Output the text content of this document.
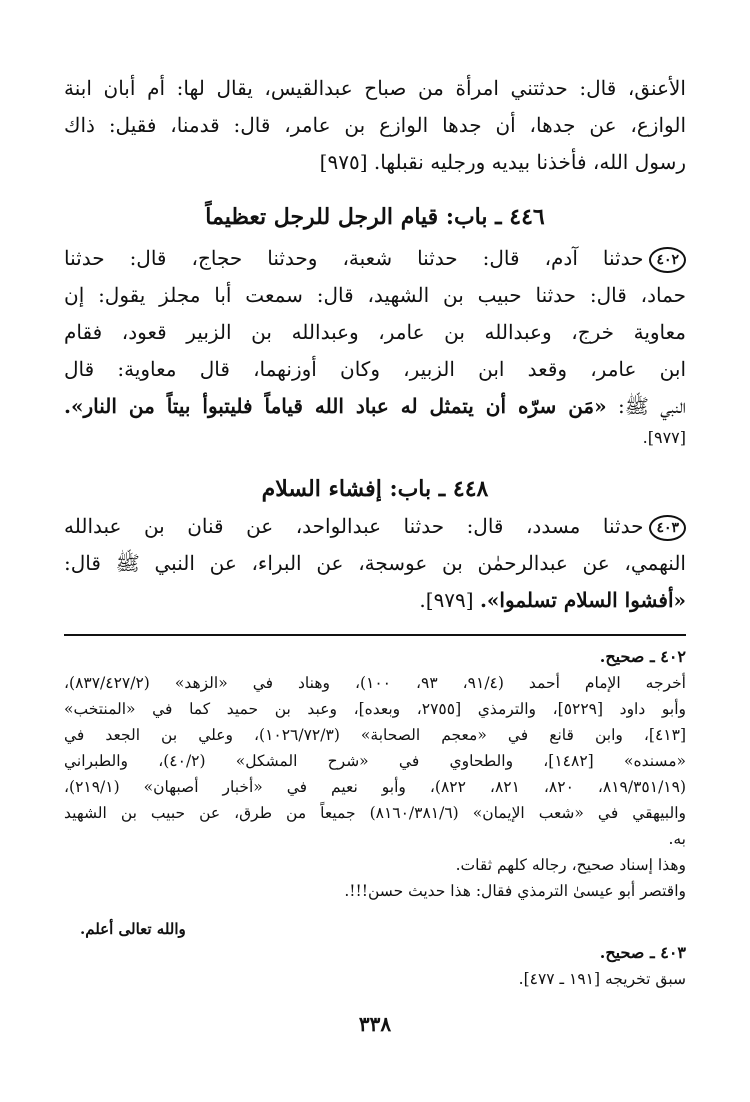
الأعنق، قال: حدثتني امرأة من صباح عبدالقيس، يقال لها: أم أبان ابنة
الوازع، عن جدها، أن جدها الوازع بن عامر، قال: قدمنا، فقيل: ذاك
رسول الله، فأخذنا بيديه ورجليه نقبلها. [٩٧٥]
٤٤٦ ـ باب: قيام الرجل للرجل تعظيماً
٤٠٢حدثنا آدم، قال: حدثنا شعبة، وحدثنا حجاج، قال: حدثنا
حماد، قال: حدثنا حبيب بن الشهيد، قال: سمعت أبا مجلز يقول: إن
معاوية خرج، وعبدالله بن عامر، وعبدالله بن الزبير قعود، فقام
ابن عامر، وقعد ابن الزبير، وكان أوزنهما، قال معاوية: قال
النبي ﷺ: «مَن سرّه أن يتمثل له عباد الله قياماً فليتبوأ بيتاً من النار».
[٩٧٧].
٤٤٨ ـ باب: إفشاء السلام
٤٠٣حدثنا مسدد، قال: حدثنا عبدالواحد، عن قنان بن عبدالله
النهمي، عن عبدالرحمٰن بن عوسجة، عن البراء، عن النبي ﷺ قال:
«أفشوا السلام تسلموا». [٩٧٩].
٤٠٢ ـ صحيح.
أخرجه الإمام أحمد (٩١/٤، ٩٣، ١٠٠)، وهناد في «الزهد» (٨٣٧/٤٢٧/٢)،
وأبو داود [٥٢٢٩]، والترمذي [٢٧٥٥، وبعده]، وعبد بن حميد كما في «المنتخب»
[٤١٣]، وابن قانع في «معجم الصحابة» (١٠٢٦/٧٢/٣)، وعلي بن الجعد في
«مسنده» [١٤٨٢]، والطحاوي في «شرح المشكل» (٤٠/٢)، والطبراني
(٨١٩/٣٥١/١٩، ٨٢٠، ٨٢١، ٨٢٢)، وأبو نعيم في «أخبار أصبهان» (٢١٩/١)،
والبيهقي في «شعب الإيمان» (٨١٦٠/٣٨١/٦) جميعاً من طرق، عن حبيب بن الشهيد
به.
وهذا إسناد صحيح، رجاله كلهم ثقات.
واقتصر أبو عيسىٰ الترمذي فقال: هذا حديث حسن!!!.
والله تعالى أعلم.
٤٠٣ ـ صحيح.
سبق تخريجه [١٩١ ـ ٤٧٧].
٣٣٨
